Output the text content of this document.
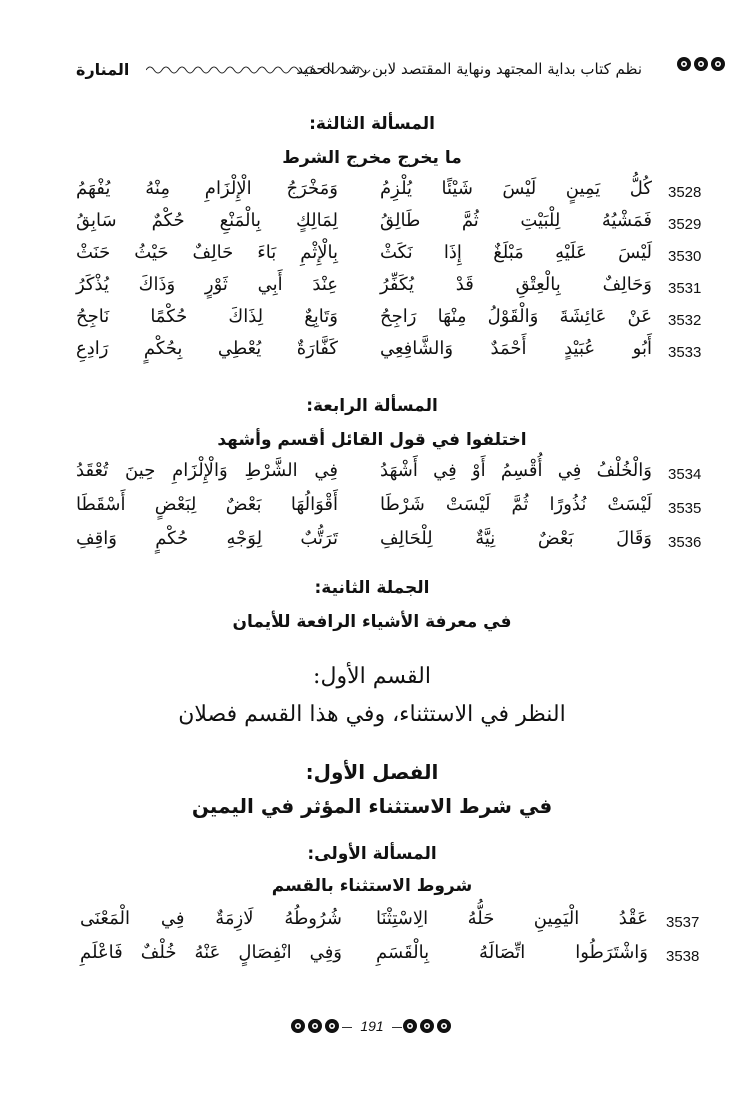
المنارة	نظم كتاب بداية المجتهد ونهاية المقتصد لابن رشد الحفيد
المسألة الثالثة:
ما يخرج مخرج الشرط
3528
كُلُّ يَمِينٍ لَيْسَ شَيْئًا يُلْزِمُ
وَمَخْرَجُ الْإِلْزَامِ مِنْهُ يُفْهَمُ
3529
فَمَشْيُهُ لِلْبَيْتِ ثُمَّ طَالِقُ
لِمَالِكٍ بِالْمَنْعِ حُكْمٌ سَابِقُ
3530
لَيْسَ عَلَيْهِ مَبْلَغٌ إِذَا نَكَثْ
بِالْإِثْمِ بَاءَ حَالِفٌ حَيْثُ حَنَثْ
3531
وَحَالِفٌ بِالْعِتْقِ قَدْ يُكَفِّرُ
عِنْدَ أَبِي ثَوْرٍ وَذَاكَ يُذْكَرُ
3532
عَنْ عَائِشَةَ وَالْقَوْلُ مِنْهَا رَاجِحُ
وَتَابِعٌ لِذَاكَ حُكْمًا نَاجِحُ
3533
أَبُو عُبَيْدٍ أَحْمَدٌ وَالشَّافِعِي
كَفَّارَةٌ يُعْطِي بِحُكْمٍ رَادِعِ
المسألة الرابعة:
اختلفوا في قول القائل أقسم وأشهد
3534
وَالْخُلْفُ فِي أُقْسِمُ أَوْ فِي أَشْهَدُ
فِي الشَّرْطِ وَالْإِلْزَامِ حِينَ تُعْقَدُ
3535
لَيْسَتْ نُذُورًا ثُمَّ لَيْسَتْ شَرْطَا
أَقْوَالُهَا بَعْضٌ لِبَعْضٍ أَسْقَطَا
3536
وَقَالَ بَعْضٌ نِيَّةٌ لِلْحَالِفِ
تَرَتُّبٌ لِوَجْهِ حُكْمٍ وَاقِفِ
الجملة الثانية:
في معرفة الأشياء الرافعة للأيمان
القسم الأول:
النظر في الاستثناء، وفي هذا القسم فصلان
الفصل الأول:
في شرط الاستثناء المؤثر في اليمين
المسألة الأولى:
شروط الاستثناء بالقسم
3537
عَقْدُ الْيَمِينِ حَلُّهُ الِاسْتِثْنَا
شُرُوطُهُ لَازِمَةٌ فِي الْمَعْنَى
3538
وَاشْتَرَطُوا اتِّصَالَهُ بِالْقَسَمِ
وَفِي انْفِصَالٍ عَنْهُ خُلْفٌ فَاعْلَمِ
191
